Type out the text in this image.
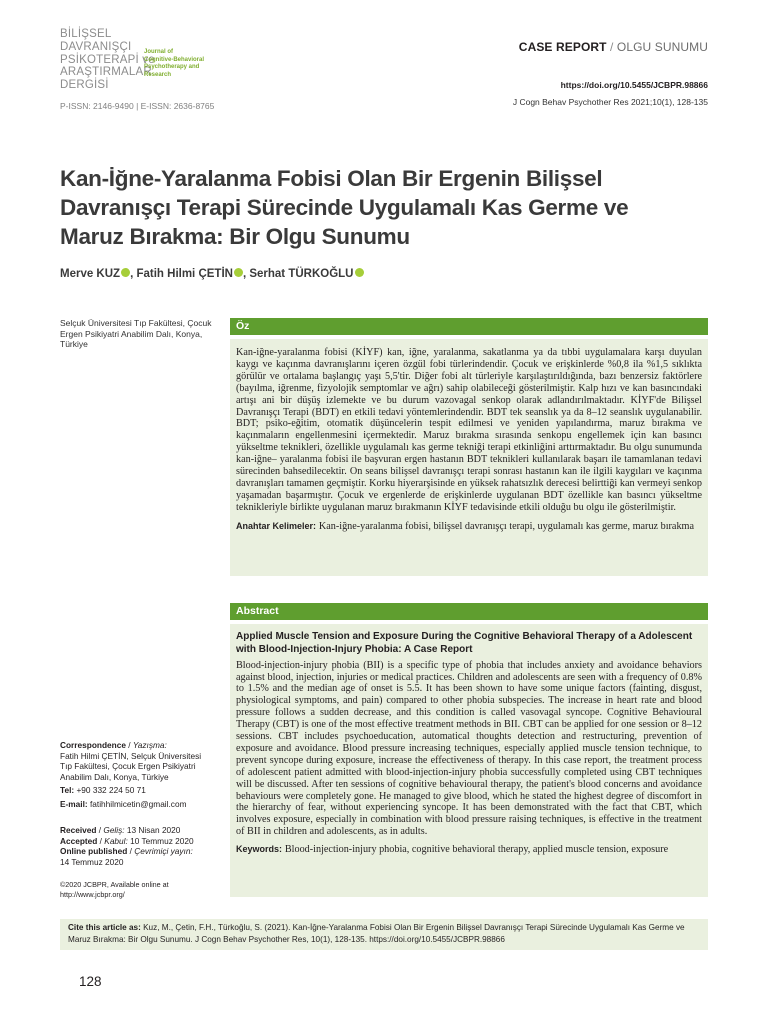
BİLİŞSEL
DAVRANIŞÇI
PSİKOTERAPİ ve
ARAŞTIRMALAR
DERGİSİ
Journal of
Cognitive-Behavioral
Psychotherapy and
Research
P-ISSN: 2146-9490 | E-ISSN: 2636-8765
CASE REPORT / OLGU SUNUMU
https://doi.org/10.5455/JCBPR.98866
J Cogn Behav Psychother Res 2021;10(1), 128-135
Kan-İğne-Yaralanma Fobisi Olan Bir Ergenin Bilişsel Davranışçı Terapi Sürecinde Uygulamalı Kas Germe ve Maruz Bırakma: Bir Olgu Sunumu
Merve KUZ , Fatih Hilmi ÇETİN , Serhat TÜRKOĞLU
Selçuk Üniversitesi Tıp Fakültesi, Çocuk Ergen Psikiyatri Anabilim Dalı, Konya, Türkiye
Öz
Kan-iğne-yaralanma fobisi (KİYF) kan, iğne, yaralanma, sakatlanma ya da tıbbi uygulamalara karşı duyulan kaygı ve kaçınma davranışlarını içeren özgül fobi türlerindendir. Çocuk ve erişkinlerde %0,8 ila %1,5 sıklıkta görülür ve ortalama başlangıç yaşı 5,5'tir. Diğer fobi alt türleriyle karşılaştırıldığında, bazı benzersiz faktörlere (bayılma, iğrenme, fizyolojik semptomlar ve ağrı) sahip olabileceği gösterilmiştir. Kalp hızı ve kan basıncındaki artışı ani bir düşüş izlemekte ve bu durum vazovagal senkop olarak adlandırılmaktadır. KİYF'de Bilişsel Davranışçı Terapi (BDT) en etkili tedavi yöntemlerindendir. BDT tek seanslık ya da 8–12 seanslık uygulanabilir. BDT; psiko-eğitim, otomatik düşüncelerin tespit edilmesi ve yeniden yapılandırma, maruz bırakma ve kaçınmaların engellenmesini içermektedir. Maruz bırakma sırasında senkopu engellemek için kan basıncı yükseltme teknikleri, özellikle uygulamalı kas germe tekniği terapi etkinliğini arttırmaktadır. Bu olgu sunumunda kan-iğne– yaralanma fobisi ile başvuran ergen hastanın BDT teknikleri kullanılarak başarı ile tamamlanan tedavi sürecinden bahsedilecektir. On seans bilişsel davranışçı terapi sonrası hastanın kan ile ilgili kaygıları ve kaçınma davranışları tamamen geçmiştir. Korku hiyerarşisinde en yüksek rahatsızlık derecesi belirttiği kan vermeyi senkop yaşamadan başarmıştır. Çocuk ve ergenlerde de erişkinlerde uygulanan BDT özellikle kan basıncı yükseltme teknikleriyle birlikte uygulanan maruz bırakmanın KİYF tedavisinde etkili olduğu bu olgu ile gösterilmiştir.
Anahtar Kelimeler: Kan-iğne-yaralanma fobisi, bilişsel davranışçı terapi, uygulamalı kas germe, maruz bırakma
Abstract
Applied Muscle Tension and Exposure During the Cognitive Behavioral Therapy of a Adolescent with Blood-Injection-Injury Phobia: A Case Report
Blood-injection-injury phobia (BII) is a specific type of phobia that includes anxiety and avoidance behaviors against blood, injection, injuries or medical practices. Children and adolescents are seen with a frequency of 0.8% to 1.5% and the median age of onset is 5.5. It has been shown to have some unique factors (fainting, disgust, physiological symptoms, and pain) compared to other phobia subspecies. The increase in heart rate and blood pressure follows a sudden decrease, and this condition is called vasovagal syncope. Cognitive Behavioural Therapy (CBT) is one of the most effective treatment methods in BII. CBT can be applied for one session or 8–12 sessions. CBT includes psychoeducation, automatical thoughts detection and restructuring, prevention of exposure and avoidance. Blood pressure increasing techniques, especially applied muscle tension technique, to prevent syncope during exposure, increase the effectiveness of therapy. In this case report, the treatment process of adolescent patient admitted with blood-injection-injury phobia successfully completed using CBT techniques will be discussed. After ten sessions of cognitive behavioural therapy, the patient's blood concerns and avoidance behaviours were completely gone. He managed to give blood, which he stated the highest degree of discomfort in the hierarchy of fear, without experiencing syncope. It has been demonstrated with the fact that CBT, which involves exposure, especially in combination with blood pressure raising techniques, is effective in the treatment of BII in children and adolescents, as in adults.
Keywords: Blood-injection-injury phobia, cognitive behavioral therapy, applied muscle tension, exposure
Correspondence / Yazışma:
Fatih Hilmi ÇETİN, Selçuk Üniversitesi
Tıp Fakültesi, Çocuk Ergen Psikiyatri
Anabilim Dalı, Konya, Türkiye
Tel: +90 332 224 50 71
E-mail: fatihhilmicetin@gmail.com
Received / Geliş: 13 Nisan 2020
Accepted / Kabul: 10 Temmuz 2020
Online published / Çevrimiçi yayın:
14 Temmuz 2020
©2020 JCBPR, Available online at
http://www.jcbpr.org/
Cite this article as: Kuz, M., Çetin, F.H., Türkoğlu, S. (2021). Kan-İğne-Yaralanma Fobisi Olan Bir Ergenin Bilişsel Davranışçı Terapi Sürecinde Uygulamalı Kas Germe ve Maruz Bırakma: Bir Olgu Sunumu. J Cogn Behav Psychother Res, 10(1), 128-135. https://doi.org/10.5455/JCBPR.98866
128
